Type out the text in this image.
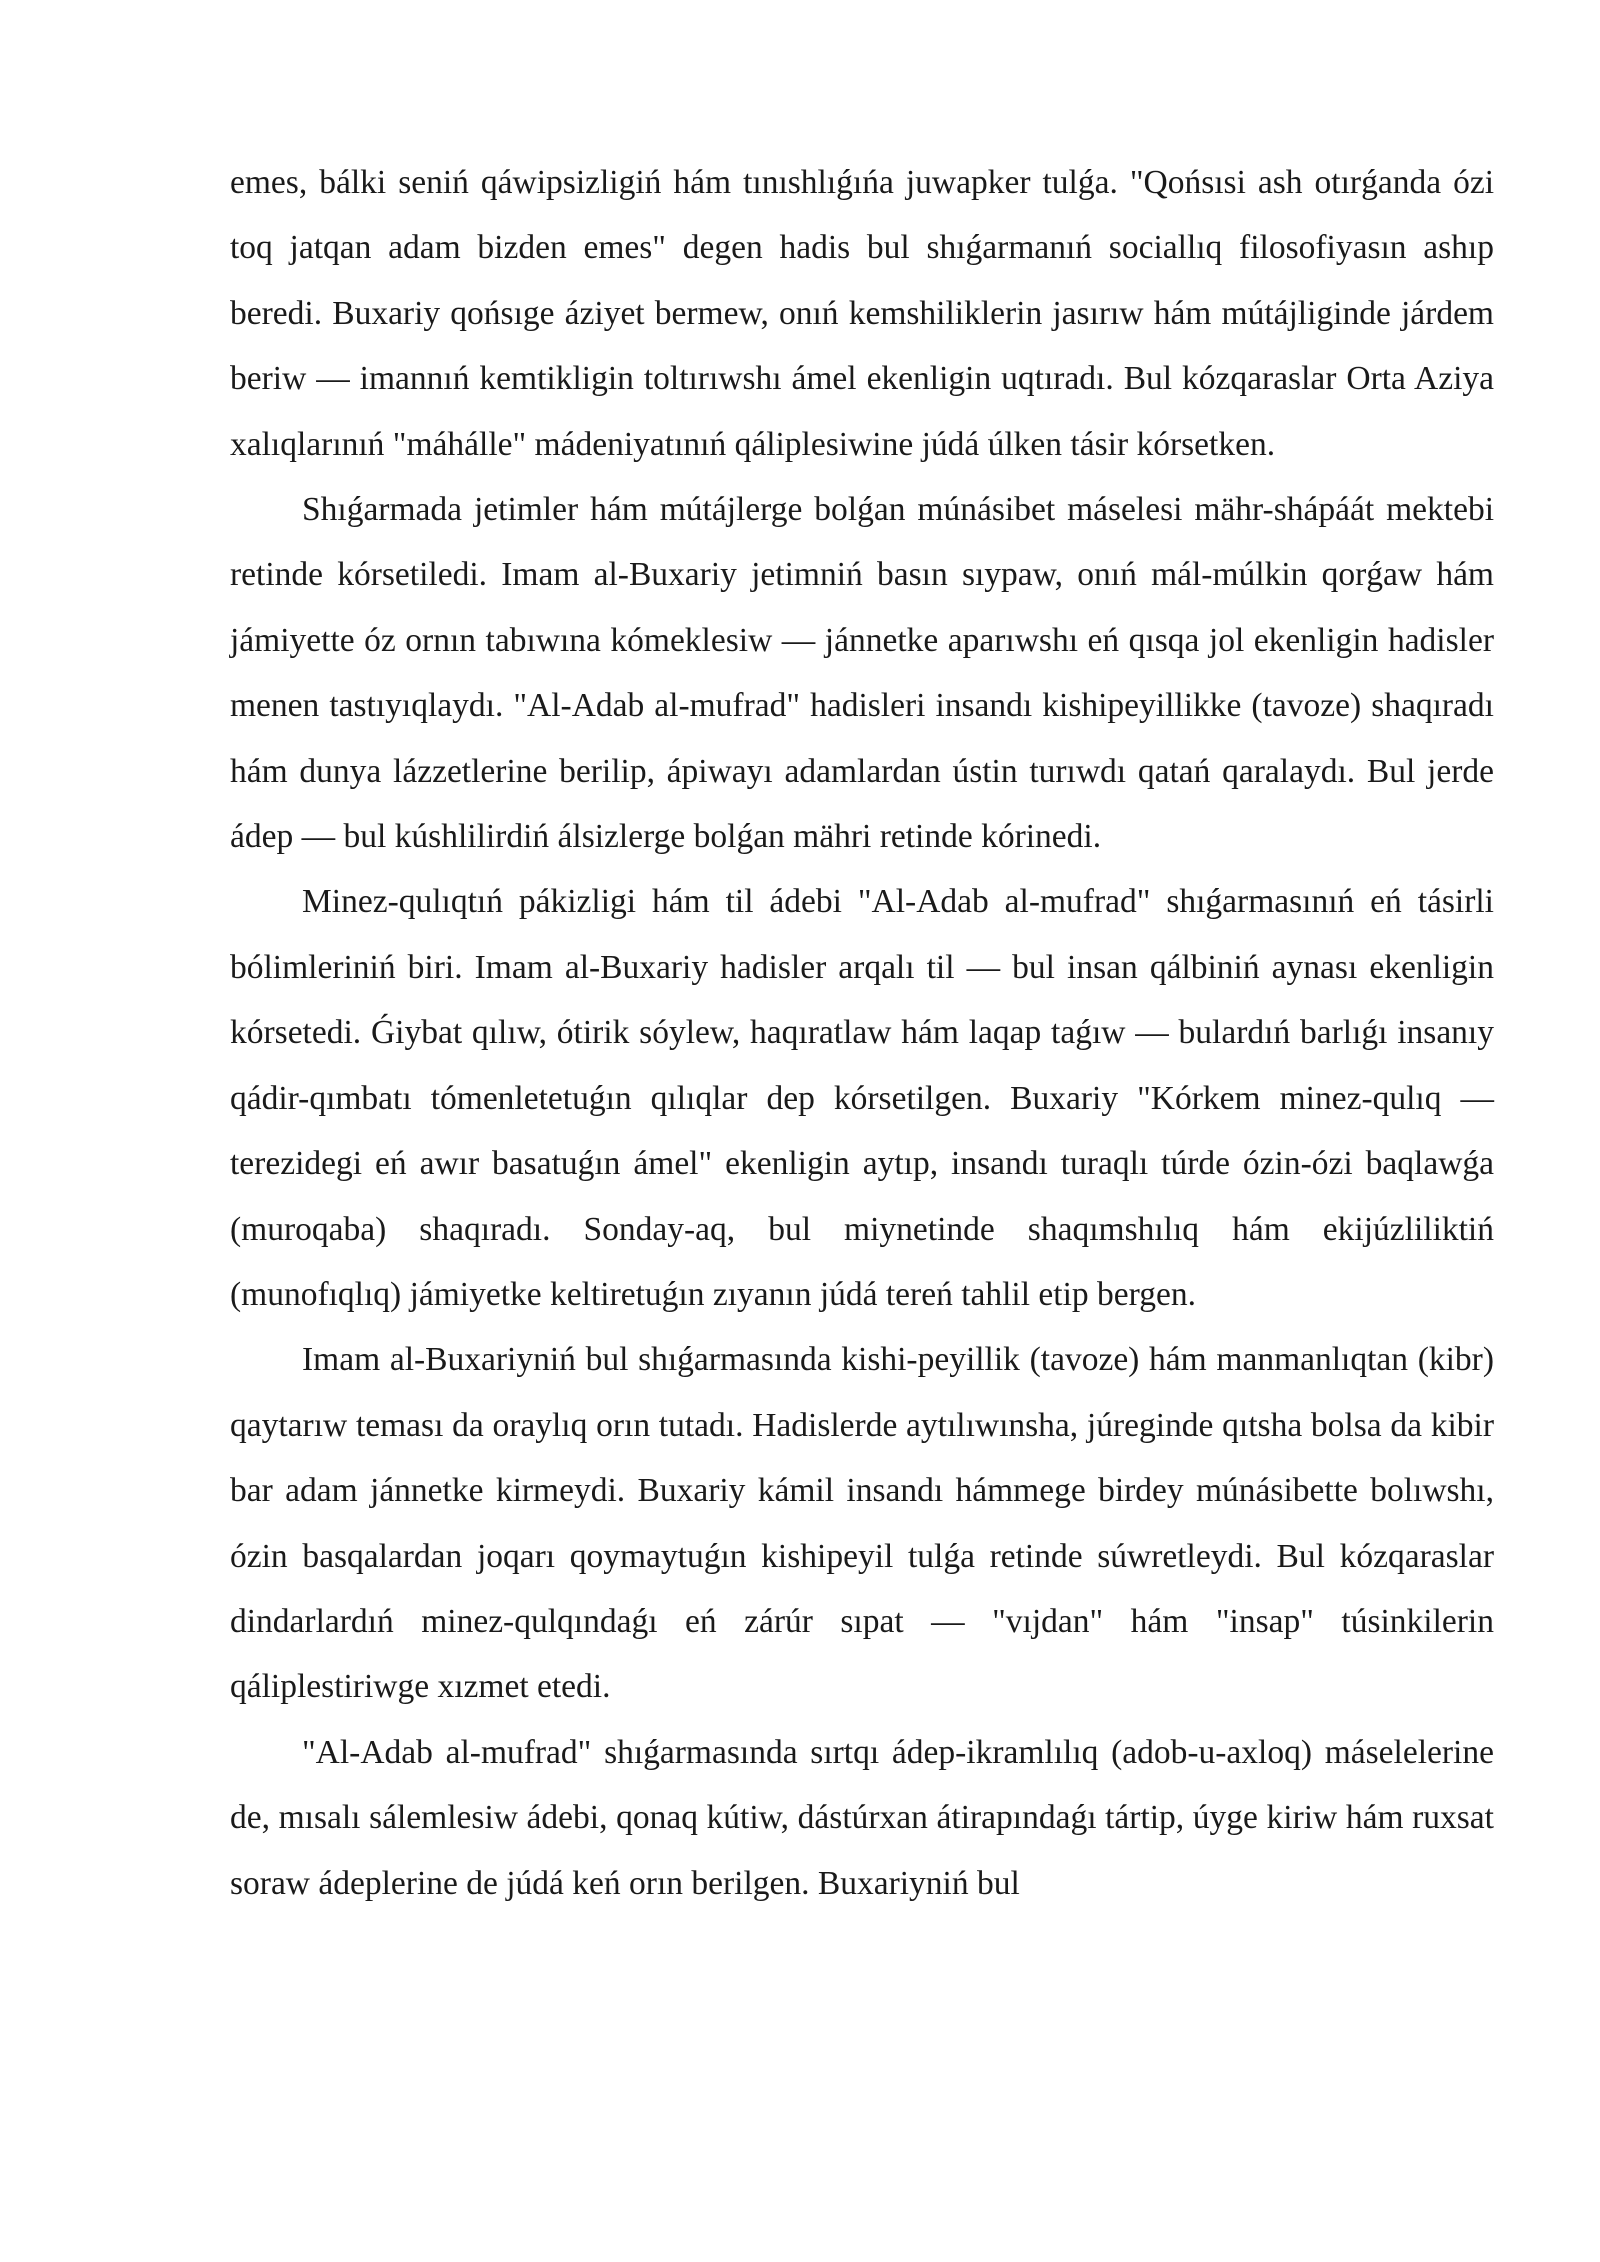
emes, bálki seniń qáwipsizligiń hám tınıshlıǵıńa juwapker tulǵa. "Qońsısi ash otırǵanda ózi toq jatqan adam bizden emes" degen hadis bul shıǵarmanıń sociallıq filosofiyasın ashıp beredi. Buxariy qońsıge áziyet bermew, onıń kemshiliklerin jasırıw hám mútájliginde járdem beriw — imannıń kemtikligin toltırıwshı ámel ekenligin uqtıradı. Bul kózqaraslar Orta Aziya xalıqlarınıń "máhálle" mádeniyatınıń qáliplesiwine júdá úlken tásir kórsetken.

Shıǵarmada jetimler hám mútájlerge bolǵan múnásibet máselesi mähr-shápáát mektebi retinde kórsetiledi. Imam al-Buxariy jetimniń basın sıypaw, onıń mál-múlkin qorǵaw hám jámiyette óz ornın tabıwına kómeklesiw — jánnetke aparıwshı eń qısqa jol ekenligin hadisler menen tastıyıqlaydı. "Al-Adab al-mufrad" hadisleri insandı kishipeyillikke (tavoze) shaqıradı hám dunya lázzetlerine berilip, ápiwayı adamlardan ústin turıwdı qatań qaralaydı. Bul jerde ádep — bul kúshlilirdiń álsizlerge bolǵan mähri retinde kórinedi.

Minez-qulıqtıń pákizligi hám til ádebi "Al-Adab al-mufrad" shıǵarmasınıń eń tásirli bólimleriniń biri. Imam al-Buxariy hadisler arqalı til — bul insan qálbiniń aynası ekenligin kórsetedi. Ǵiybat qılıw, ótirik sóylew, haqıratlaw hám laqap taǵıw — bulardıń barlıǵı insanıy qádir-qımbatı tómenletetuǵın qılıqlar dep kórsetilgen. Buxariy "Kórkem minez-qulıq — terezidegi eń awır basatuǵın ámel" ekenligin aytıp, insandı turaqlı túrde ózin-ózi baqlawǵa (muroqaba) shaqıradı. Sonday-aq, bul miynetinde shaqımshılıq hám ekijúzliliktiń (munofıqlıq) jámiyetke keltiretuǵın zıyanın júdá tereń tahlil etip bergen.

Imam al-Buxariyniń bul shıǵarmasında kishi-peyillik (tavoze) hám manmanlıqtan (kibr) qaytarıw teması da oraylıq orın tutadı. Hadislerde aytılıwınsha, júreginde qıtsha bolsa da kibir bar adam jánnetke kirmeydi. Buxariy kámil insandı hámmege birdey múnásibette bolıwshı, ózin basqalardan joqarı qoymaytuǵın kishipeyil tulǵa retinde súwretleydi. Bul kózqaraslar dindarlardıń minez-qulqındaǵı eń zárúr sıpat — "vıjdan" hám "insap" túsinkilerin qáliplestiriwge xızmet etedi.

"Al-Adab al-mufrad" shıǵarmasında sırtqı ádep-ikramlılıq (adob-u-axloq) máselelerine de, mısalı sálemlesiw ádebi, qonaq kútiw, dástúrxan átirapındaǵı tártip, úyge kiriw hám ruxsat soraw ádeplerine de júdá keń orın berilgen. Buxariyniń bul
